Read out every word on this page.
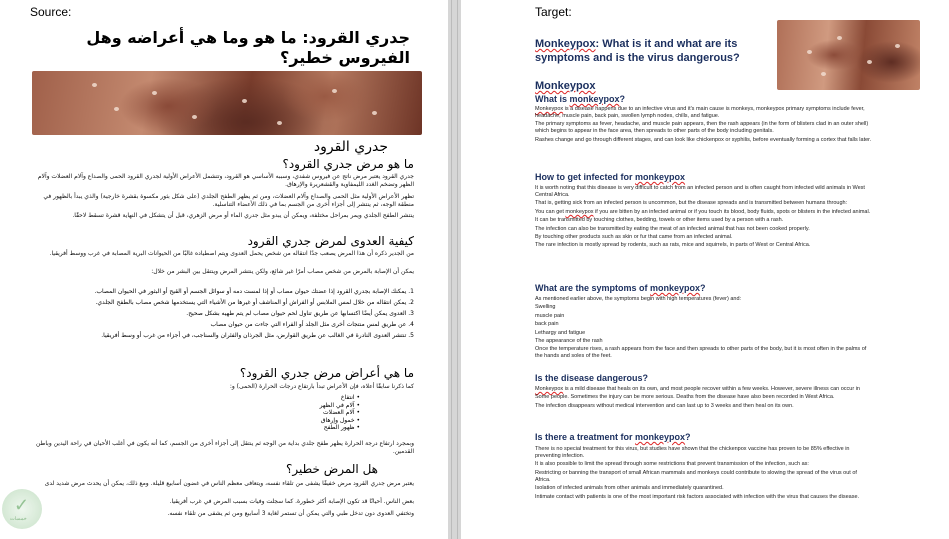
Source:
جدري القرود: ما هو وما هي أعراضه وهل الفيروس خطير؟
جدري القرود
ما هو مرض جدري القرود؟
جدري القرود يعتبر مرض ناتج عن فيروس شفدي، وسببه الأساسي هو القرود، وتتشمل الأعراض الأولية لجدري القرود الحمى والصداع وآلام العضلات وآلام الظهر وتضخم الغدد الليمفاوية والقشعريرة والإرهاق.
تظهر الأعراض الأولية مثل الحمى والصداع وآلام العضلات، ومن ثم يظهر الطفح الجلدي (على شكل بثور مكسوة بقشرة خارجية) والذي يبدأ بالظهور في منطقة الوجه، ثم ينتشر إلى أجزاء أخرى من الجسم بما في ذلك الأعضاء التناسلية.
ينتشر الطفح الجلدي ويمر بمراحل مختلفة، ويمكن أن يبدو مثل جدري الماء أو مرض الزهري، قبل أن يتشكل في النهاية قشرة تسقط لاحقًا.
كيفية العدوى لمرض جدري القرود
من الجدير ذكره أن هذا المرض يصعب جدًا انتقاله من شخص يحمل العدوى ويتم اصطياده غالبًا من الحيوانات البرية المصابة في غرب ووسط أفريقيا.
يمكن أن الإصابة بالمرض من شخص مصاب أمرًا غير شائع، ولكن ينتشر المرض وينتقل بين البشر من خلال:
1. يمكنك الإصابة بجدري القرود إذا عضتك حيوان مصاب أو إذا لمست دمه أو سوائل الجسم أو القيح أو البثور في الحيوان المصاب.
2. يمكن انتقاله من خلال لمس الملابس أو الفراش أو المناشف أو غيرها من الأشياء التي يستخدمها شخص مصاب بالطفح الجلدي.
3. العدوى يمكن أيضًا اكتسابها عن طريق تناول لحم حيوان مصاب لم يتم طهيه بشكل صحيح.
4. عن طريق لمس منتجات أخرى مثل الجلد أو الفراء التي جاءت من حيوان مصاب
5. تنتشر العدوى النادرة في الغالب عن طريق القوارض، مثل الجرذان والفئران والسناجب، في أجزاء من غرب أو وسط أفريقيا.
ما هي أعراض مرض جدري القرود؟
كما ذكرنا سابقًا أعلاه، فإن الأعراض تبدأ بارتفاع درجات الحرارة (الحمى) و:
• انتفاخ
• آلام في الظهر
• آلام العضلات
• خمول وإرهاق
• ظهور الطفح
وبمجرد ارتفاع درجة الحرارة يظهر طفح جلدي بداية من الوجه ثم ينتقل إلى أجزاء أخرى من الجسم، كما أنه يكون في أغلب الأحيان في راحة اليدين وباطن القدمين.
هل المرض خطير؟
يعتبر مرض جدري القرود مرض خفيفًا يشفى من تلقاء نفسه، ويتعافى معظم الناس في غضون أسابيع قليلة. ومع ذلك، يمكن أن يحدث مرض شديد لدى
بعض الناس. أحيانًا قد تكون الإصابة أكثر خطورة. كما سجلت وفيات بسبب المرض في غرب أفريقيا.
وتختفي العدوى دون تدخل طبي والتي يمكن أن تستمر لغاية 3 أسابيع ومن ثم يشفى من تلقاء نفسه.
✓
خمسات
Target:
Monkeypox: What is it and what are its symptoms and is the virus dangerous?
Monkeypox
What is monkeypox?

Monkeypox is a disease happens due to an infective virus and it's main cause is monkeys, monkeypox primary symptoms include fever, headache, muscle pain, back pain, swollen lymph nodes, chills, and fatigue.

The primary symptoms as fever, headache, and muscle pain appears, then the rash appears (in the form of blisters clad in an outer shell) which begins to appear in the face area, then spreads to other parts of the body including genitals.

Rashes change and go through different stages, and can look like chickenpox or syphilis, before eventually forming a cortex that falls later.

How to get infected for monkeypox

It is worth noting that this disease is very difficult to catch from an infected person and is often caught from infected wild animals in West Central Africa.

That is, getting sick from an infected person is uncommon, but the disease spreads and is transmitted between humans through:

You can get monkeypox if you are bitten by an infected animal or if you touch its blood, body fluids, spots or blisters in the infected animal.

It can be transmitted by touching clothes, bedding, towels or other items used by a person with a rash.

The infection can also be transmitted by eating the meat of an infected animal that has not been cooked properly.

By touching other products such as skin or fur that came from an infected animal.

The rare infection is mostly spread by rodents, such as rats, mice and squirrels, in parts of West or Central Africa.

What are the symptoms of monkeypox?

As mentioned earlier above, the symptoms begin with high temperatures (fever) and:

Swelling

muscle pain

back pain

Lethargy and fatigue

The appearance of the rash

Once the temperature rises, a rash appears from the face and then spreads to other parts of the body, but it is most often in the palms of the hands and soles of the feet.

Is the disease dangerous?

Monkeypox is a mild disease that heals on its own, and most people recover within a few weeks. However, severe illness can occur in

Some people. Sometimes the injury can be more serious. Deaths from the disease have also been recorded in West Africa.

The infection disappears without medical intervention and can last up to 3 weeks and then heal on its own.

Is there a treatment for monkeypox?

There is no special treatment for this virus, but studies have shown that the chickenpox vaccine has proven to be 85% effective in preventing infection.

It is also possible to limit the spread through some restrictions that prevent transmission of the infection, such as:

Restricting or banning the transport of small African mammals and monkeys could contribute to slowing the spread of the virus out of Africa.

Isolation of infected animals from other animals and immediately quarantined.

Intimate contact with patients is one of the most important risk factors associated with infection with the virus that causes the disease.
